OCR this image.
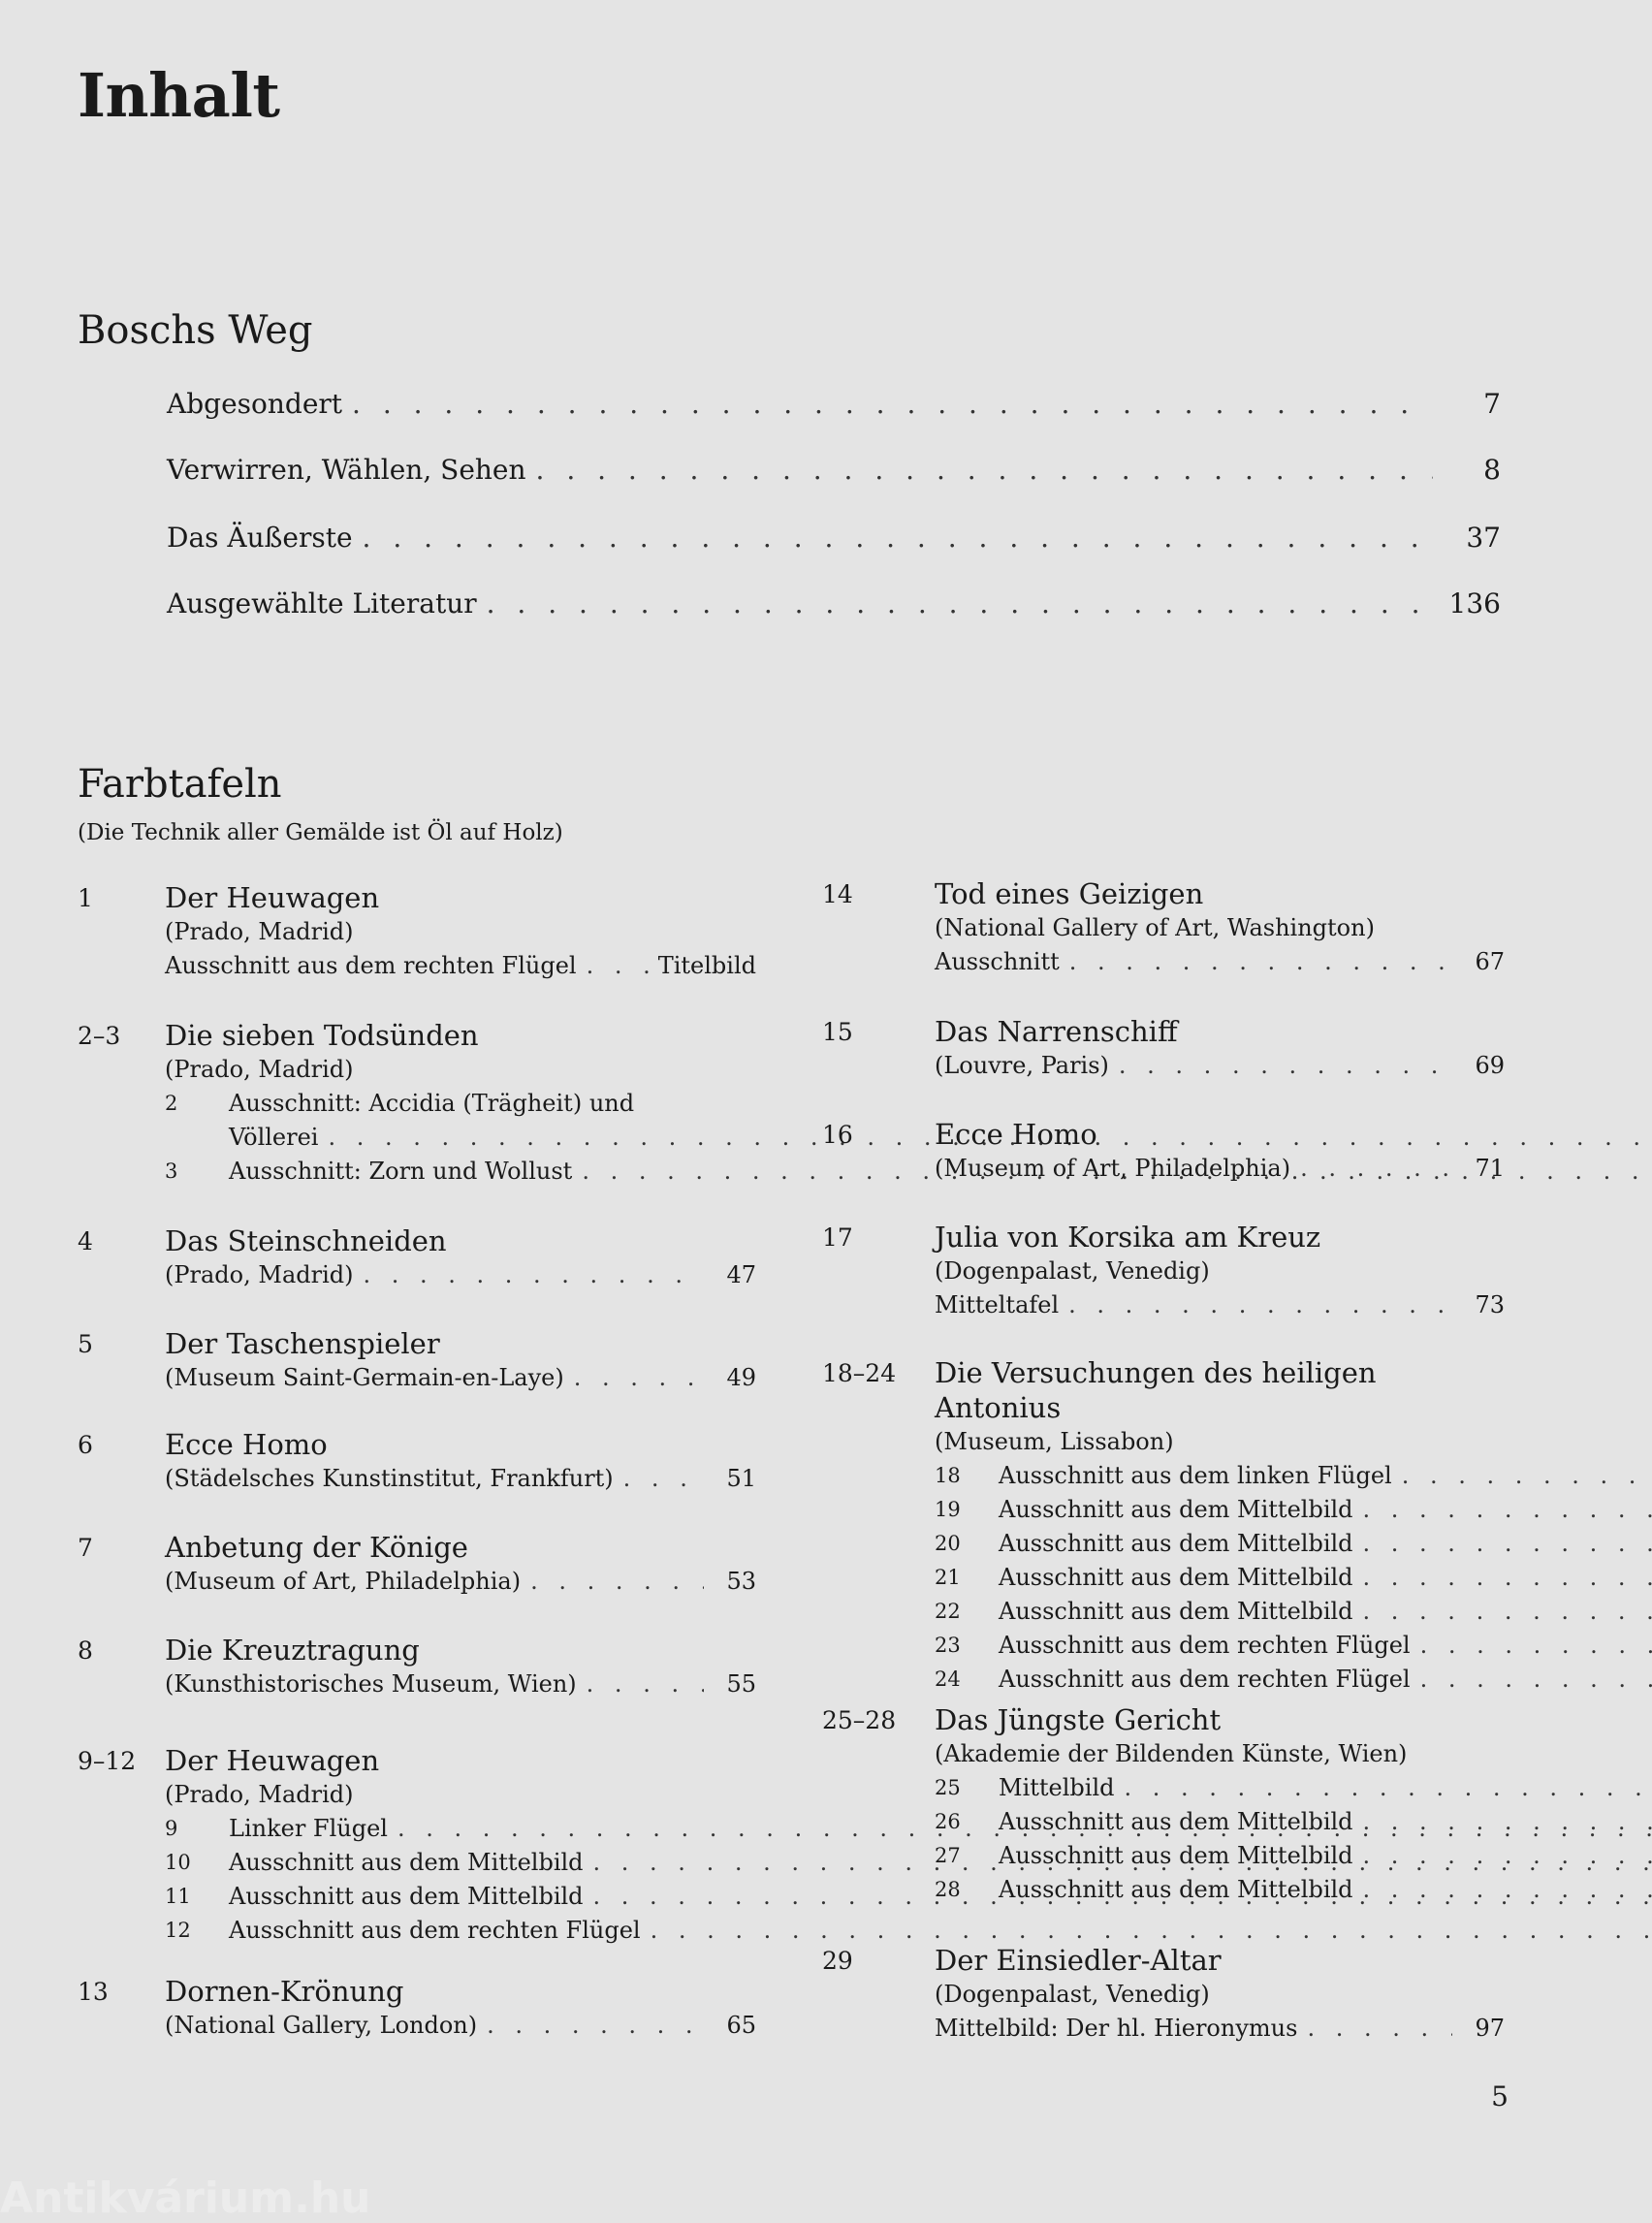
Inhalt
Boschs Weg
Abgesondert . . .	7
Verwirren, Wählen, Sehen . . .	8
Das Äußerste . . .	37
Ausgewählte Literatur . . .	136
Farbtafeln
(Die Technik aller Gemälde ist Öl auf Holz)
1	Der Heuwagen
(Prado, Madrid)
Ausschnitt aus dem rechten Flügel . . .	Titelbild
2–3	Die sieben Todsünden
(Prado, Madrid)
2	Ausschnitt: Accidia (Trägheit) und
Völlerei
. . .
3	Ausschnitt: Zorn und Wollust
. . .
4	Das Steinschneiden
(Prado, Madrid) . . .	47
5	Der Taschenspieler
(Museum Saint-Germain-en-Laye) . . .	49
6	Ecce Homo
(Städelsches Kunstinstitut, Frankfurt) . . .	51
7	Anbetung der Könige
(Museum of Art, Philadelphia) . . .	53
8	Die Kreuztragung
(Kunsthistorisches Museum, Wien) . . .	55
9–12	Der Heuwagen
(Prado, Madrid)
9	Linker Flügel
. . .
10	Ausschnitt aus dem Mittelbild
. . .
11	Ausschnitt aus dem Mittelbild
. . .
12	Ausschnitt aus dem rechten Flügel
. . .
13	Dornen-Krönung
(National Gallery, London) . . .	65
14	Tod eines Geizigen
(National Gallery of Art, Washington)
Ausschnitt . . .	67
15	Das Narrenschiff
(Louvre, Paris) . . .	69
16	Ecce Homo
(Museum of Art, Philadelphia) . . .	71
17	Julia von Korsika am Kreuz
(Dogenpalast, Venedig)
Mitteltafel . . .	73
18–24	Die Versuchungen des heiligen Antonius
(Museum, Lissabon)
18	Ausschnitt aus dem linken Flügel
. . .
19	Ausschnitt aus dem Mittelbild
. . .
20	Ausschnitt aus dem Mittelbild
. . .
21	Ausschnitt aus dem Mittelbild
. . .
22	Ausschnitt aus dem Mittelbild
. . .
23	Ausschnitt aus dem rechten Flügel
. . .
24	Ausschnitt aus dem rechten Flügel
. . .
25–28	Das Jüngste Gericht
(Akademie der Bildenden Künste, Wien)
25	Mittelbild
. . .
26	Ausschnitt aus dem Mittelbild
. . .
27	Ausschnitt aus dem Mittelbild
. . .
28	Ausschnitt aus dem Mittelbild
. . .
29	Der Einsiedler-Altar
(Dogenpalast, Venedig)
Mittelbild: Der hl. Hieronymus . . .	97
5
Antikvárium.hu
